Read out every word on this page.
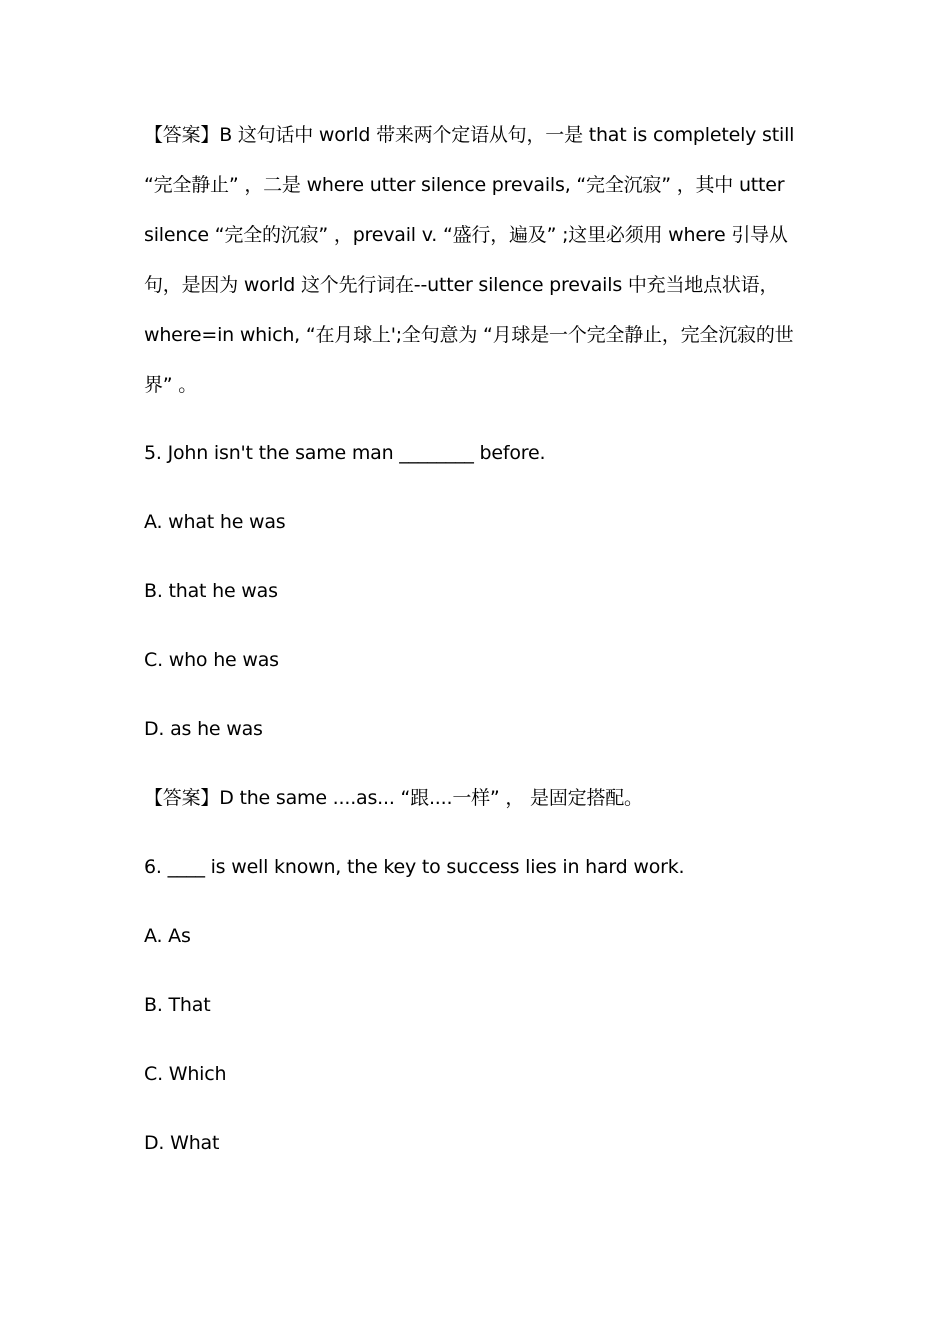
【答案】B 这句话中 world 带来两个定语从句，一是 that is completely still
“完全静止” ，二是 where utter silence prevails, “完全沉寂” ，其中 utter
silence “完全的沉寂” ，prevail v. “盛行，遍及” ;这里必须用 where 引导从
句，是因为 world 这个先行词在--utter silence prevails 中充当地点状语，
where=in which, “在月球上';全句意为 “月球是一个完全静止，完全沉寂的世
界” 。
5. John isn't the same man ________ before.
A. what he was
B. that he was
C. who he was
D. as he was
【答案】D the same ....as... “跟....一样” ， 是固定搭配。
6. ____ is well known, the key to success lies in hard work.
A. As
B. That
C. Which
D. What
